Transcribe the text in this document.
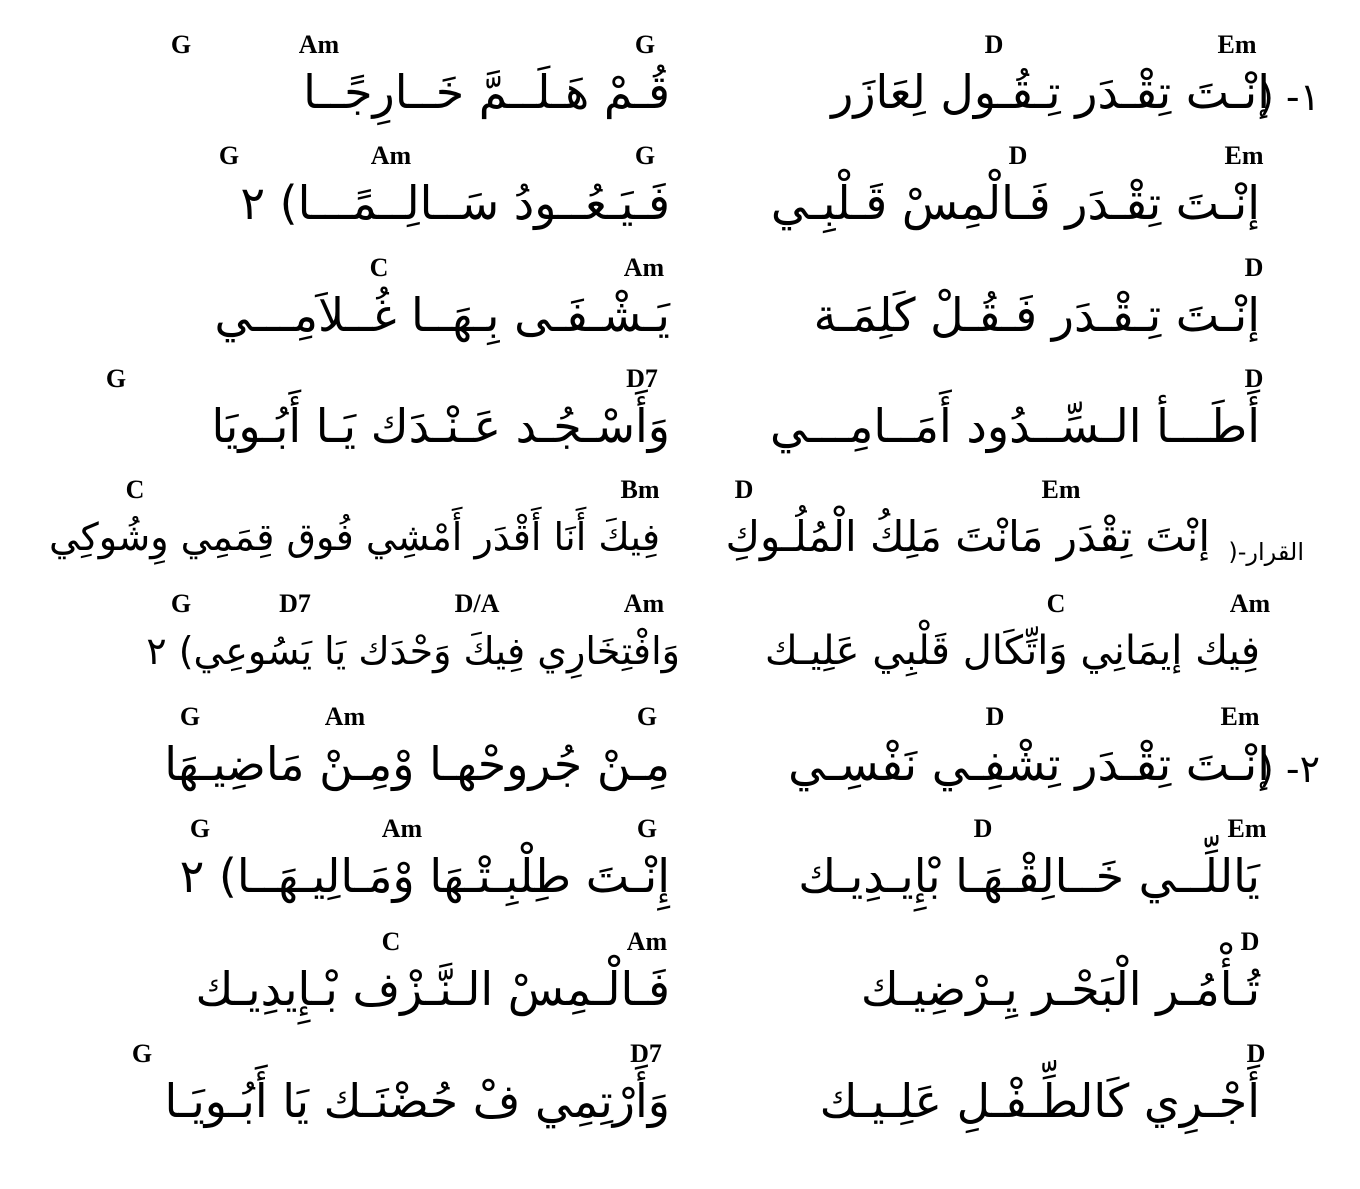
G	Am	G	D	Em
١- (
إنْـتَ تِقْـدَر تِـقُـول لِعَازَر
قُـمْ هَـلَــمَّ خَــارِجًــا
G	Am	G	D	Em
إنْـتَ تِقْـدَر فَـالْمِسْ قَـلْبِـي
فَـيَـعُــودُ سَــالِــمًـــا) ٢
C	Am	D
إنْـتَ تِـقْـدَر فَـقُـلْ كَلِمَـة
يَـشْـفَـى بِـهَــا غُــلاَمِـــي
G	D7	D
أَطَـــأ الـسِّــدُود أَمَــامِـــي
وَأَسْـجُـد عَـنْـدَك يَـا أَبُـويَا
C	Bm	D	Em
القرار-(
إنْتَ تِقْدَر مَانْتَ مَلِكُ الْمُلُـوكِ
فِيكَ أَنَا أَقْدَر أَمْشِي فُوق قِمَمِي وِشُوكِي
G	D7	D/A	Am	C	Am
فِيك إيمَانِي وَاتِّكَال قَلْبِي عَلِيـك
وَافْتِخَارِي فِيكَ وَحْدَك يَا يَسُوعِي) ٢
G	Am	G	D	Em
٢- (
إنْـتَ تِقْـدَر تِشْفِـي نَفْسِـي
مِـنْ جُروحْهـا وْمِـنْ مَاضِيـهَا
G	Am	G	D	Em
يَاللِّــي خَــالِقْـهَـا بْإِيـدِيـك
إِنْـتَ طِلْبِـتْـهَا وْمَـالِيـهَــا) ٢
C	Am	D
تُـأْمُـر الْبَحْـر يِـرْضِيـك
فَـالْـمِسْ الـنَّـزْف بْـإِيدِيـك
G	D7	D
أَجْـرِي كَالطِّـفْـلِ عَلِـيـك
وَأَرْتِمِي فْ حُضْنَـك يَا أَبُـويَـا
